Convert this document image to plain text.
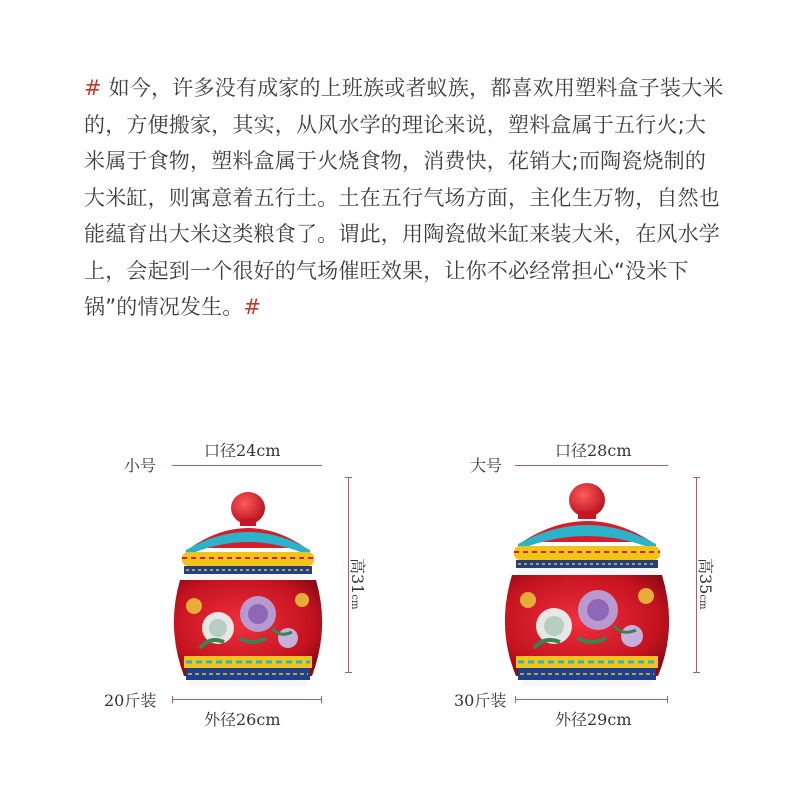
# 如今，许多没有成家的上班族或者蚁族，都喜欢用塑料盒子装大米的，方便搬家，其实，从风水学的理论来说，塑料盒属于五行火;大米属于食物，塑料盒属于火烧食物，消费快，花销大;而陶瓷烧制的大米缸，则寓意着五行土。土在五行气场方面，主化生万物，自然也能蕴育出大米这类粮食了。谓此，用陶瓷做米缸来装大米，在风水学上，会起到一个很好的气场催旺效果，让你不必经常担心“没米下锅”的情况发生。#
小号
口径24cm
高31cm
20斤装
外径26cm
大号
口径28cm
高35cm
30斤装
外径29cm
